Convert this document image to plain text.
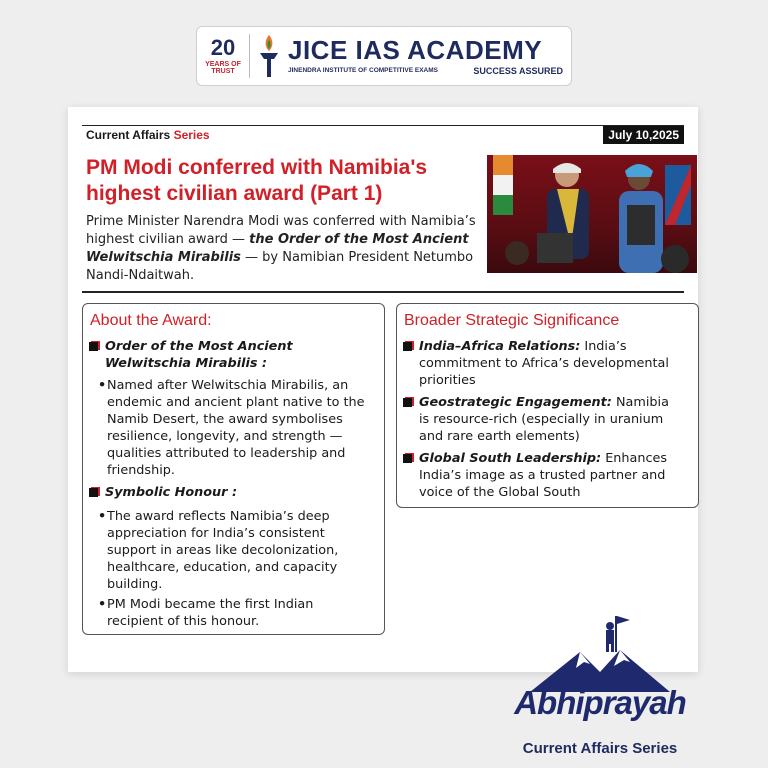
20
YEARS OF TRUST
JICE IAS ACADEMY
JINENDRA INSTITUTE OF COMPETITIVE EXAMS	SUCCESS ASSURED
Current Affairs Series	July 10,2025
PM Modi conferred with Namibia's highest civilian award (Part 1)
Prime Minister Narendra Modi was conferred with Namibia’s highest civilian award — the Order of the Most Ancient Welwitschia Mirabilis — by Namibian President Netumbo Nandi-Ndaitwah.
About the Award:
Order of the Most Ancient Welwitschia Mirabilis :
• Named after Welwitschia Mirabilis, an endemic and ancient plant native to the Namib Desert, the award symbolises resilience, longevity, and strength — qualities attributed to leadership and friendship.
Symbolic Honour :
• The award reflects Namibia’s deep appreciation for India’s consistent support in areas like decolonization, healthcare, education, and capacity building.
• PM Modi became the first Indian recipient of this honour.
Broader Strategic Significance
India–Africa Relations: India’s commitment to Africa’s developmental priorities
Geostrategic Engagement: Namibia is resource-rich (especially in uranium and rare earth elements)
Global South Leadership: Enhances India’s image as a trusted partner and voice of the Global South
Abhiprayah
Current Affairs Series
